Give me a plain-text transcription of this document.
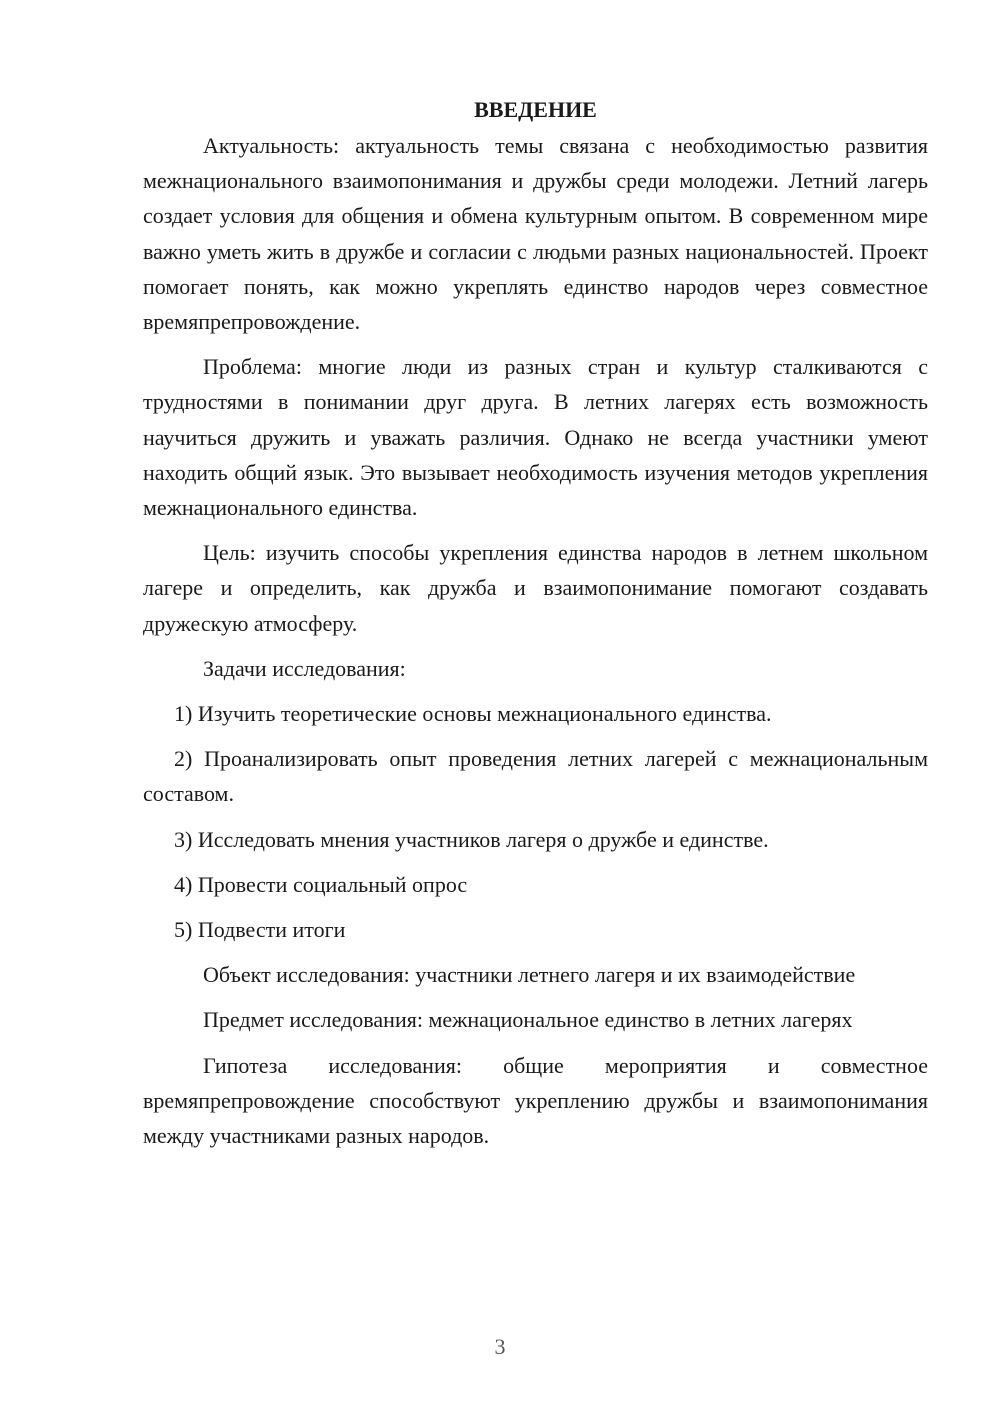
ВВЕДЕНИЕ
Актуальность: актуальность темы связана с необходимостью развития межнационального взаимопонимания и дружбы среди молодежи. Летний лагерь создает условия для общения и обмена культурным опытом. В современном мире важно уметь жить в дружбе и согласии с людьми разных национальностей. Проект помогает понять, как можно укреплять единство народов через совместное времяпрепровождение.
Проблема: многие люди из разных стран и культур сталкиваются с трудностями в понимании друг друга. В летних лагерях есть возможность научиться дружить и уважать различия. Однако не всегда участники умеют находить общий язык. Это вызывает необходимость изучения методов укрепления межнационального единства.
Цель: изучить способы укрепления единства народов в летнем школьном лагере и определить, как дружба и взаимопонимание помогают создавать дружескую атмосферу.
Задачи исследования:
1) Изучить теоретические основы межнационального единства.
2) Проанализировать опыт проведения летних лагерей с межнациональным составом.
3) Исследовать мнения участников лагеря о дружбе и единстве.
4) Провести социальный опрос
5) Подвести итоги
Объект исследования: участники летнего лагеря и их взаимодействие
Предмет исследования: межнациональное единство в летних лагерях
Гипотеза исследования: общие мероприятия и совместное времяпрепровождение способствуют укреплению дружбы и взаимопонимания между участниками разных народов.
3
